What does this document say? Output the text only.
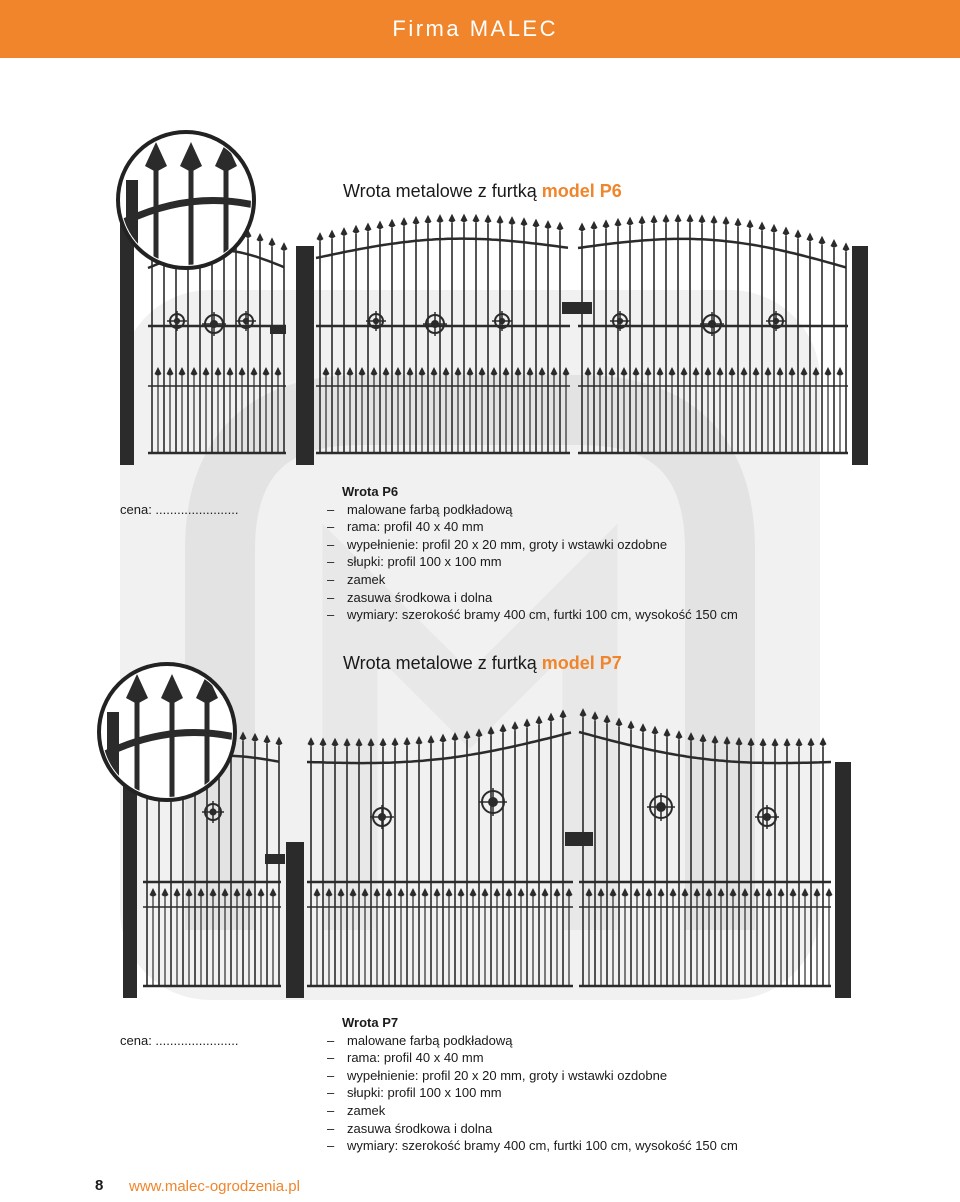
Firma MALEC
Wrota metalowe z furtką model P6
cena: .......................
Wrota P6
– malowane farbą podkładową
– rama: profil 40 x 40 mm
– wypełnienie: profil 20 x 20 mm, groty i wstawki ozdobne
– słupki: profil 100 x 100 mm
– zamek
– zasuwa środkowa i dolna
– wymiary: szerokość bramy 400 cm, furtki 100 cm, wysokość 150 cm
Wrota metalowe z furtką model P7
cena: .......................
Wrota P7
– malowane farbą podkładową
– rama: profil 40 x 40 mm
– wypełnienie: profil 20 x 20 mm, groty i wstawki ozdobne
– słupki: profil 100 x 100 mm
– zamek
– zasuwa środkowa i dolna
– wymiary: szerokość bramy 400 cm, furtki 100 cm, wysokość 150 cm
8 www.malec-ogrodzenia.pl
